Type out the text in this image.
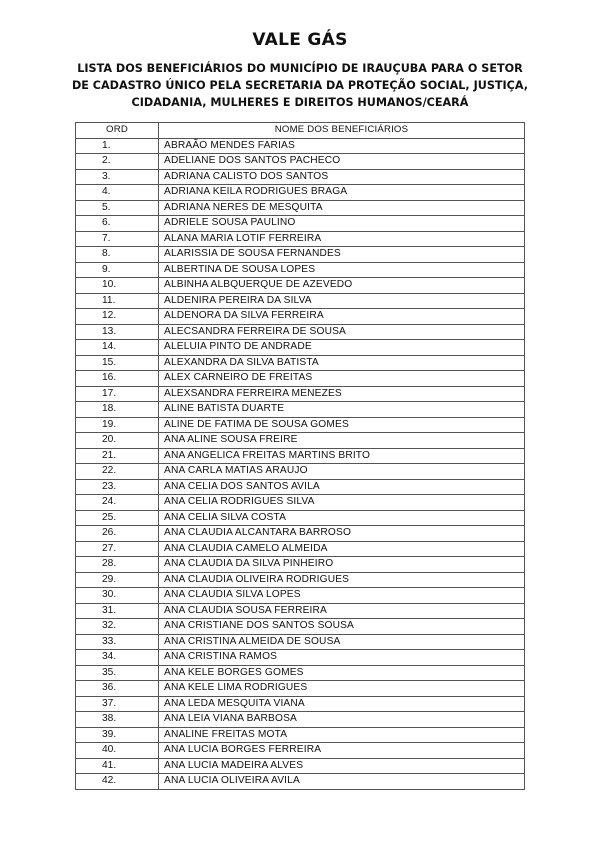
VALE GÁS
LISTA DOS BENEFICIÁRIOS DO MUNICÍPIO DE IRAUÇUBA PARA O SETOR DE CADASTRO ÚNICO PELA SECRETARIA DA PROTEÇÃO SOCIAL, JUSTIÇA, CIDADANIA, MULHERES E DIREITOS HUMANOS/CEARÁ
ORD	NOME DOS BENEFICIÁRIOS
1.	ABRAÃO MENDES FARIAS
2.	ADELIANE DOS SANTOS PACHECO
3.	ADRIANA CALISTO DOS SANTOS
4.	ADRIANA KEILA RODRIGUES BRAGA
5.	ADRIANA NERES DE MESQUITA
6.	ADRIELE SOUSA PAULINO
7.	ALANA MARIA LOTIF FERREIRA
8.	ALARISSIA DE SOUSA FERNANDES
9.	ALBERTINA DE SOUSA LOPES
10.	ALBINHA ALBQUERQUE DE AZEVEDO
11.	ALDENIRA PEREIRA DA SILVA
12.	ALDENORA DA SILVA FERREIRA
13.	ALECSANDRA FERREIRA DE SOUSA
14.	ALELUIA PINTO DE ANDRADE
15.	ALEXANDRA DA SILVA BATISTA
16.	ALEX CARNEIRO DE FREITAS
17.	ALEXSANDRA FERREIRA MENEZES
18.	ALINE BATISTA DUARTE
19.	ALINE DE FATIMA DE SOUSA GOMES
20.	ANA ALINE SOUSA FREIRE
21.	ANA ANGELICA FREITAS MARTINS BRITO
22.	ANA CARLA MATIAS ARAUJO
23.	ANA CELIA DOS SANTOS AVILA
24.	ANA CELIA RODRIGUES SILVA
25.	ANA CELIA SILVA COSTA
26.	ANA CLAUDIA ALCANTARA BARROSO
27.	ANA CLAUDIA CAMELO ALMEIDA
28.	ANA CLAUDIA DA SILVA PINHEIRO
29.	ANA CLAUDIA OLIVEIRA RODRIGUES
30.	ANA CLAUDIA SILVA LOPES
31.	ANA CLAUDIA SOUSA FERREIRA
32.	ANA CRISTIANE DOS SANTOS SOUSA
33.	ANA CRISTINA ALMEIDA DE SOUSA
34.	ANA CRISTINA RAMOS
35.	ANA KELE BORGES GOMES
36.	ANA KELE LIMA RODRIGUES
37.	ANA LEDA MESQUITA VIANA
38.	ANA LEIA VIANA BARBOSA
39.	ANALINE FREITAS MOTA
40.	ANA LUCIA BORGES FERREIRA
41.	ANA LUCIA MADEIRA ALVES
42.	ANA LUCIA OLIVEIRA AVILA
